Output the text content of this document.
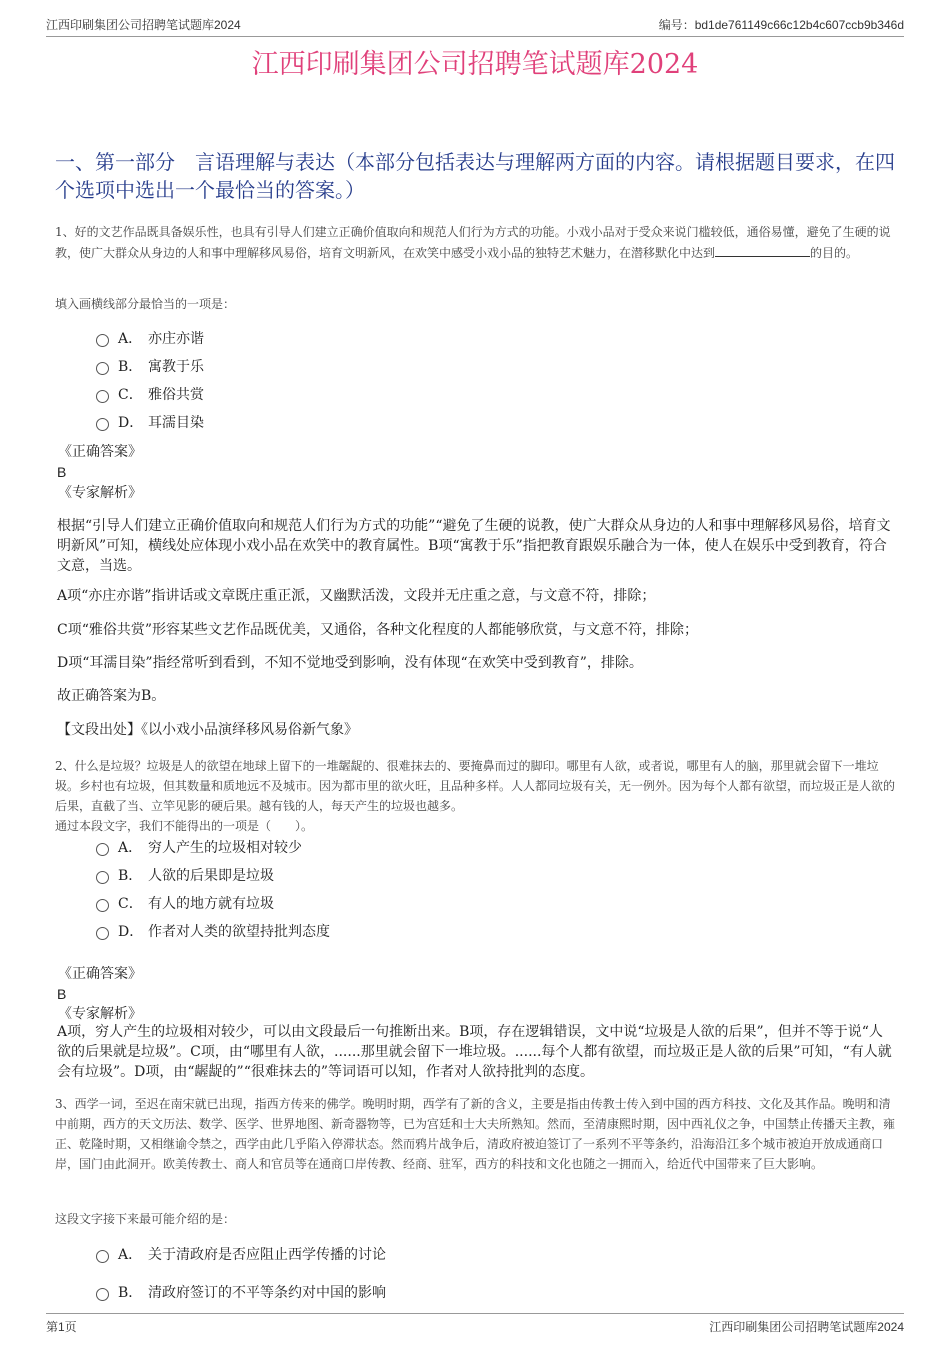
江西印刷集团公司招聘笔试题库2024	编号：bd1de761149c66c12b4c607ccb9b346d
江西印刷集团公司招聘笔试题库2024
一、第一部分　言语理解与表达（本部分包括表达与理解两方面的内容。请根据题目要求，在四个选项中选出一个最恰当的答案。）
1、好的文艺作品既具备娱乐性，也具有引导人们建立正确价值取向和规范人们行为方式的功能。小戏小品对于受众来说门槛较低，通俗易懂，避免了生硬的说教，使广大群众从身边的人和事中理解移风易俗，培育文明新风，在欢笑中感受小戏小品的独特艺术魅力，在潜移默化中达到	的目的。
填入画横线部分最恰当的一项是：
A． 亦庄亦谐
B． 寓教于乐
C． 雅俗共赏
D． 耳濡目染
《正确答案》
B
《专家解析》
根据“引导人们建立正确价值取向和规范人们行为方式的功能”“避免了生硬的说教，使广大群众从身边的人和事中理解移风易俗，培育文明新风”可知，横线处应体现小戏小品在欢笑中的教育属性。B项“寓教于乐”指把教育跟娱乐融合为一体，使人在娱乐中受到教育，符合文意，当选。
A项“亦庄亦谐”指讲话或文章既庄重正派，又幽默活泼，文段并无庄重之意，与文意不符，排除；
C项“雅俗共赏”形容某些文艺作品既优美，又通俗，各种文化程度的人都能够欣赏，与文意不符，排除；
D项“耳濡目染”指经常听到看到，不知不觉地受到影响，没有体现“在欢笑中受到教育”，排除。
故正确答案为B。
【文段出处】《以小戏小品演绎移风易俗新气象》
2、什么是垃圾？垃圾是人的欲望在地球上留下的一堆龌龊的、很难抹去的、要掩鼻而过的脚印。哪里有人欲，或者说，哪里有人的脑，那里就会留下一堆垃圾。乡村也有垃圾，但其数量和质地远不及城市。因为都市里的欲火旺，且品种多样。人人都同垃圾有关，无一例外。因为每个人都有欲望，而垃圾正是人欲的后果，直截了当、立竿见影的硬后果。越有钱的人，每天产生的垃圾也越多。
通过本段文字，我们不能得出的一项是（　　）。
A． 穷人产生的垃圾相对较少
B． 人欲的后果即是垃圾
C． 有人的地方就有垃圾
D． 作者对人类的欲望持批判态度
《正确答案》
B
《专家解析》
A项，穷人产生的垃圾相对较少，可以由文段最后一句推断出来。B项，存在逻辑错误，文中说“垃圾是人欲的后果”，但并不等于说“人欲的后果就是垃圾”。C项，由“哪里有人欲，......那里就会留下一堆垃圾。......每个人都有欲望，而垃圾正是人欲的后果”可知，“有人就会有垃圾”。D项，由“龌龊的”“很难抹去的”等词语可以知，作者对人欲持批判的态度。
3、西学一词，至迟在南宋就已出现，指西方传来的佛学。晚明时期，西学有了新的含义，主要是指由传教士传入到中国的西方科技、文化及其作品。晚明和清中前期，西方的天文历法、数学、医学、世界地图、新奇器物等，已为宫廷和士大夫所熟知。然而，至清康熙时期，因中西礼仪之争，中国禁止传播天主教，雍正、乾隆时期，又相继谕令禁之，西学由此几乎陷入停滞状态。然而鸦片战争后，清政府被迫签订了一系列不平等条约，沿海沿江多个城市被迫开放成通商口岸，国门由此洞开。欧美传教士、商人和官员等在通商口岸传教、经商、驻军，西方的科技和文化也随之一拥而入，给近代中国带来了巨大影响。
这段文字接下来最可能介绍的是：
A． 关于清政府是否应阻止西学传播的讨论
B． 清政府签订的不平等条约对中国的影响
第1页	江西印刷集团公司招聘笔试题库2024
